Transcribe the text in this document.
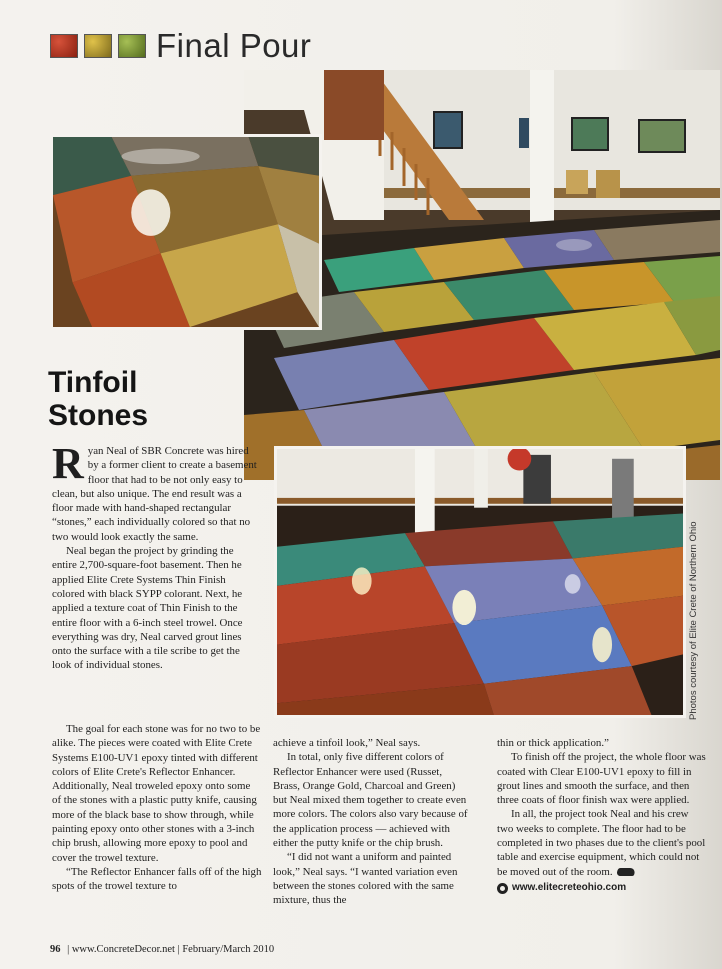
Final Pour
Photos courtesy of Elite Crete of Northern Ohio
Tinfoil
Stones

Ryan Neal of SBR Concrete was hired by a former client to create a basement floor that had to be not only easy to clean, but also unique. The end result was a floor made with hand-shaped rectangular “stones,” each individually colored so that no two would look exactly the same.

Neal began the project by grinding the entire 2,700-square-foot basement. Then he applied Elite Crete Systems Thin Finish colored with black SYPP colorant. Next, he applied a texture coat of Thin Finish to the entire floor with a 6-inch steel trowel. Once everything was dry, Neal carved grout lines onto the surface with a tile scribe to get the look of individual stones.

The goal for each stone was for no two to be alike. The pieces were coated with Elite Crete Systems E100-UV1 epoxy tinted with different colors of Elite Crete's Reflector Enhancer. Additionally, Neal troweled epoxy onto some of the stones with a plastic putty knife, causing more of the black base to show through, while painting epoxy onto other stones with a 3-inch chip brush, allowing more epoxy to pool and cover the trowel texture.

“The Reflector Enhancer falls off of the high spots of the trowel texture to

achieve a tinfoil look,” Neal says.

In total, only five different colors of Reflector Enhancer were used (Russet, Brass, Orange Gold, Charcoal and Green) but Neal mixed them together to create even more colors. The colors also vary because of the application process — achieved with either the putty knife or the chip brush.

“I did not want a uniform and painted look,” Neal says. “I wanted variation even between the stones colored with the same mixture, thus the

thin or thick application.”

To finish off the project, the whole floor was coated with Clear E100-UV1 epoxy to fill in grout lines and smooth the surface, and then three coats of floor finish wax were applied.

In all, the project took Neal and his crew two weeks to complete. The floor had to be completed in two phases due to the client's pool table and exercise equipment, which could not be moved out of the room.

www.elitecreteohio.com
96 | www.ConcreteDecor.net | February/March 2010
